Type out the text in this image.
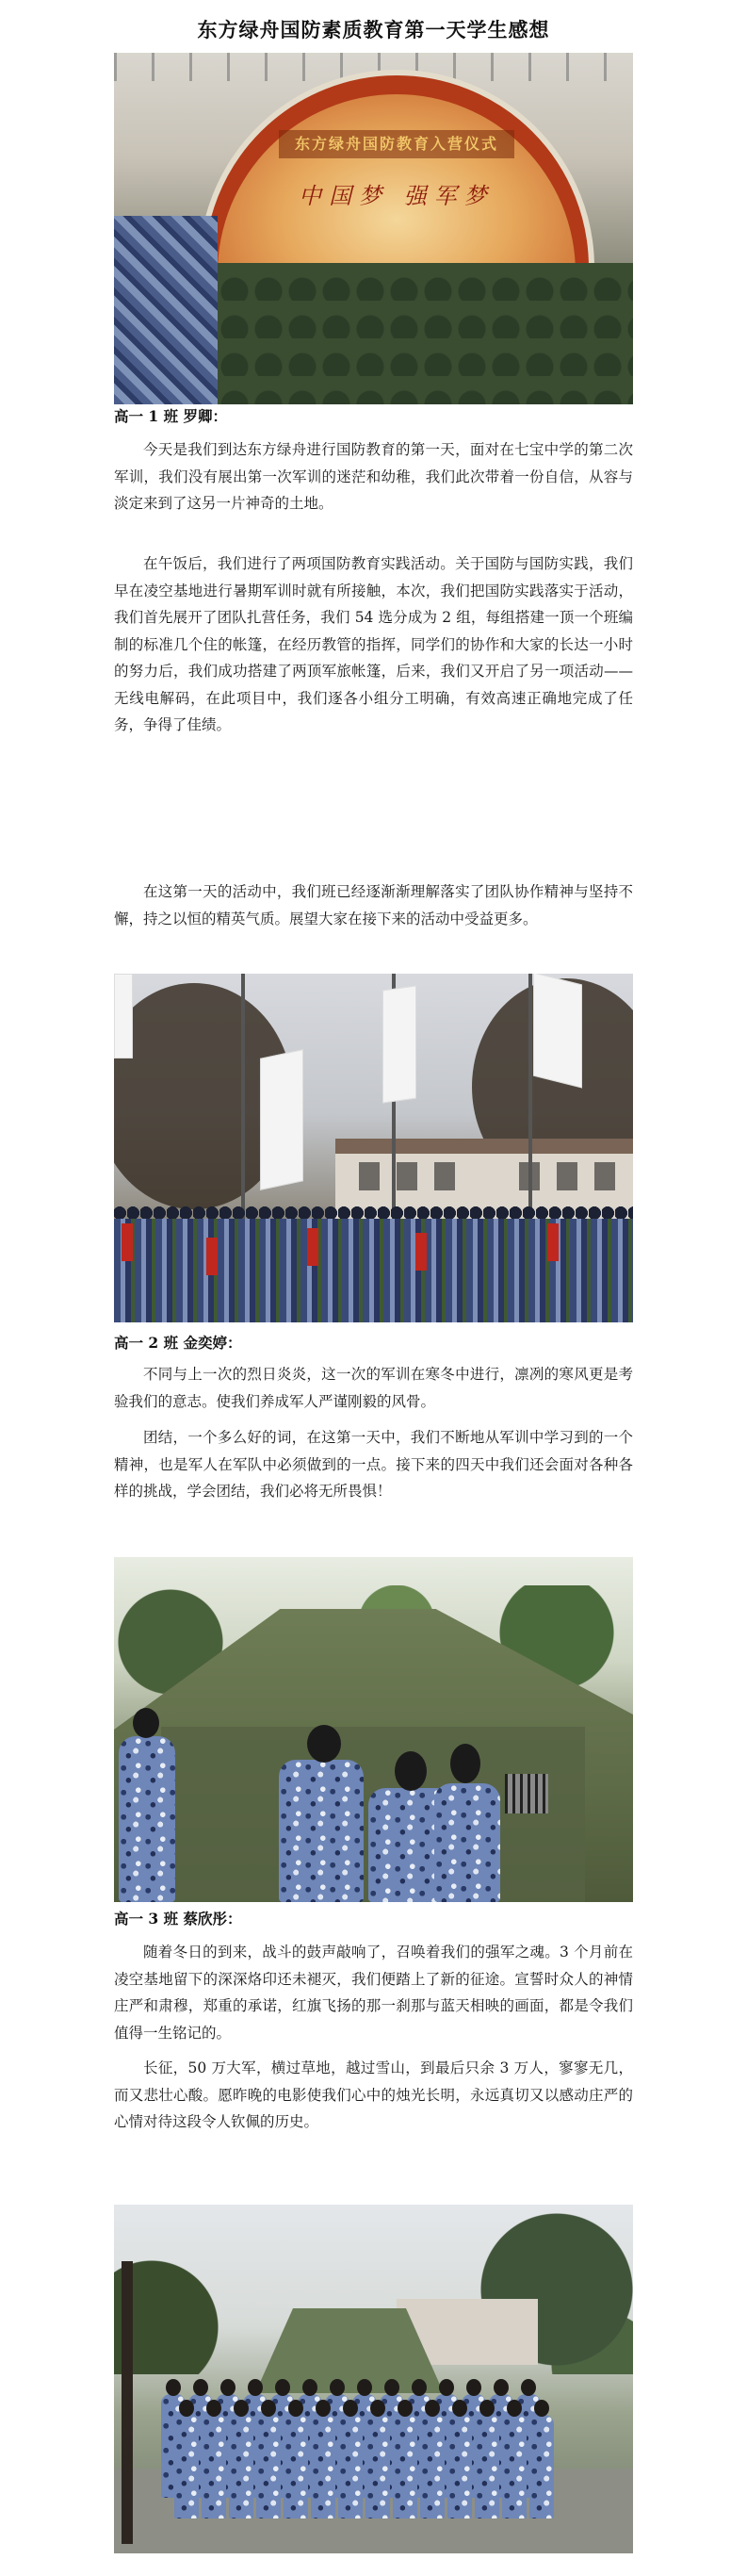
东方绿舟国防素质教育第一天学生感想
东方绿舟国防教育入营仪式
中国梦 强军梦
高一 1 班 罗卿：

今天是我们到达东方绿舟进行国防教育的第一天，面对在七宝中学的第二次军训，我们没有展出第一次军训的迷茫和幼稚，我们此次带着一份自信，从容与淡定来到了这另一片神奇的土地。

在午饭后，我们进行了两项国防教育实践活动。关于国防与国防实践，我们早在凌空基地进行暑期军训时就有所接触，本次，我们把国防实践落实于活动，我们首先展开了团队扎营任务，我们 54 选分成为 2 组，每组搭建一顶一个班编制的标准几个住的帐篷，在经历教管的指挥，同学们的协作和大家的长达一小时的努力后，我们成功搭建了两顶军旅帐篷，后来，我们又开启了另一项活动——无线电解码，在此项目中，我们逐各小组分工明确，有效高速正确地完成了任务，争得了佳绩。

在这第一天的活动中，我们班已经逐渐渐理解落实了团队协作精神与坚持不懈，持之以恒的精英气质。展望大家在接下来的活动中受益更多。

高一 2 班 金奕婷：

不同与上一次的烈日炎炎，这一次的军训在寒冬中进行，凛冽的寒风更是考验我们的意志。使我们养成军人严谨刚毅的风骨。

团结，一个多么好的词，在这第一天中，我们不断地从军训中学习到的一个精神，也是军人在军队中必须做到的一点。接下来的四天中我们还会面对各种各样的挑战，学会团结，我们必将无所畏惧！

高一 3 班 蔡欣彤：

随着冬日的到来，战斗的鼓声敲响了，召唤着我们的强军之魂。3 个月前在凌空基地留下的深深烙印还未褪灭，我们便踏上了新的征途。宣誓时众人的神情庄严和肃穆，郑重的承诺，红旗飞扬的那一刹那与蓝天相映的画面，都是令我们值得一生铭记的。

长征，50 万大军，横过草地，越过雪山，到最后只余 3 万人，寥寥无几，而又悲壮心酸。愿昨晚的电影使我们心中的烛光长明，永远真切又以感动庄严的心情对待这段令人钦佩的历史。
